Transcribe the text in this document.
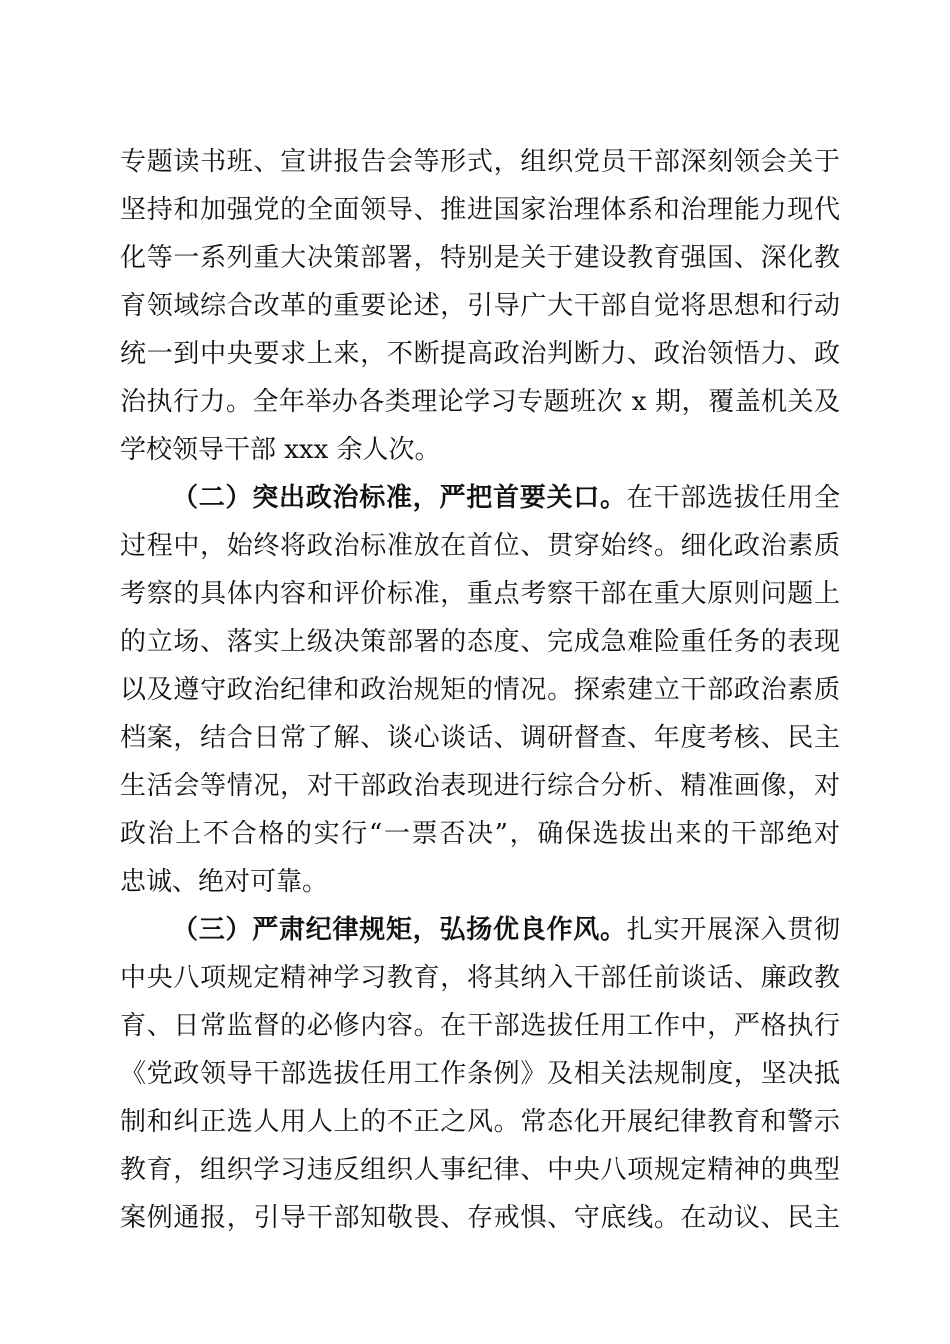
专题读书班、宣讲报告会等形式，组织党员干部深刻领会关于
坚持和加强党的全面领导、推进国家治理体系和治理能力现代
化等一系列重大决策部署，特别是关于建设教育强国、深化教
育领域综合改革的重要论述，引导广大干部自觉将思想和行动
统一到中央要求上来，不断提高政治判断力、政治领悟力、政
治执行力。全年举办各类理论学习专题班次 x 期，覆盖机关及
学校领导干部 xxx 余人次。
（二）突出政治标准，严把首要关口。在干部选拔任用全
过程中，始终将政治标准放在首位、贯穿始终。细化政治素质
考察的具体内容和评价标准，重点考察干部在重大原则问题上
的立场、落实上级决策部署的态度、完成急难险重任务的表现
以及遵守政治纪律和政治规矩的情况。探索建立干部政治素质
档案，结合日常了解、谈心谈话、调研督查、年度考核、民主
生活会等情况，对干部政治表现进行综合分析、精准画像，对
政治上不合格的实行“一票否决”，确保选拔出来的干部绝对
忠诚、绝对可靠。
（三）严肃纪律规矩，弘扬优良作风。扎实开展深入贯彻
中央八项规定精神学习教育，将其纳入干部任前谈话、廉政教
育、日常监督的必修内容。在干部选拔任用工作中，严格执行
《党政领导干部选拔任用工作条例》及相关法规制度，坚决抵
制和纠正选人用人上的不正之风。常态化开展纪律教育和警示
教育，组织学习违反组织人事纪律、中央八项规定精神的典型
案例通报，引导干部知敬畏、存戒惧、守底线。在动议、民主
